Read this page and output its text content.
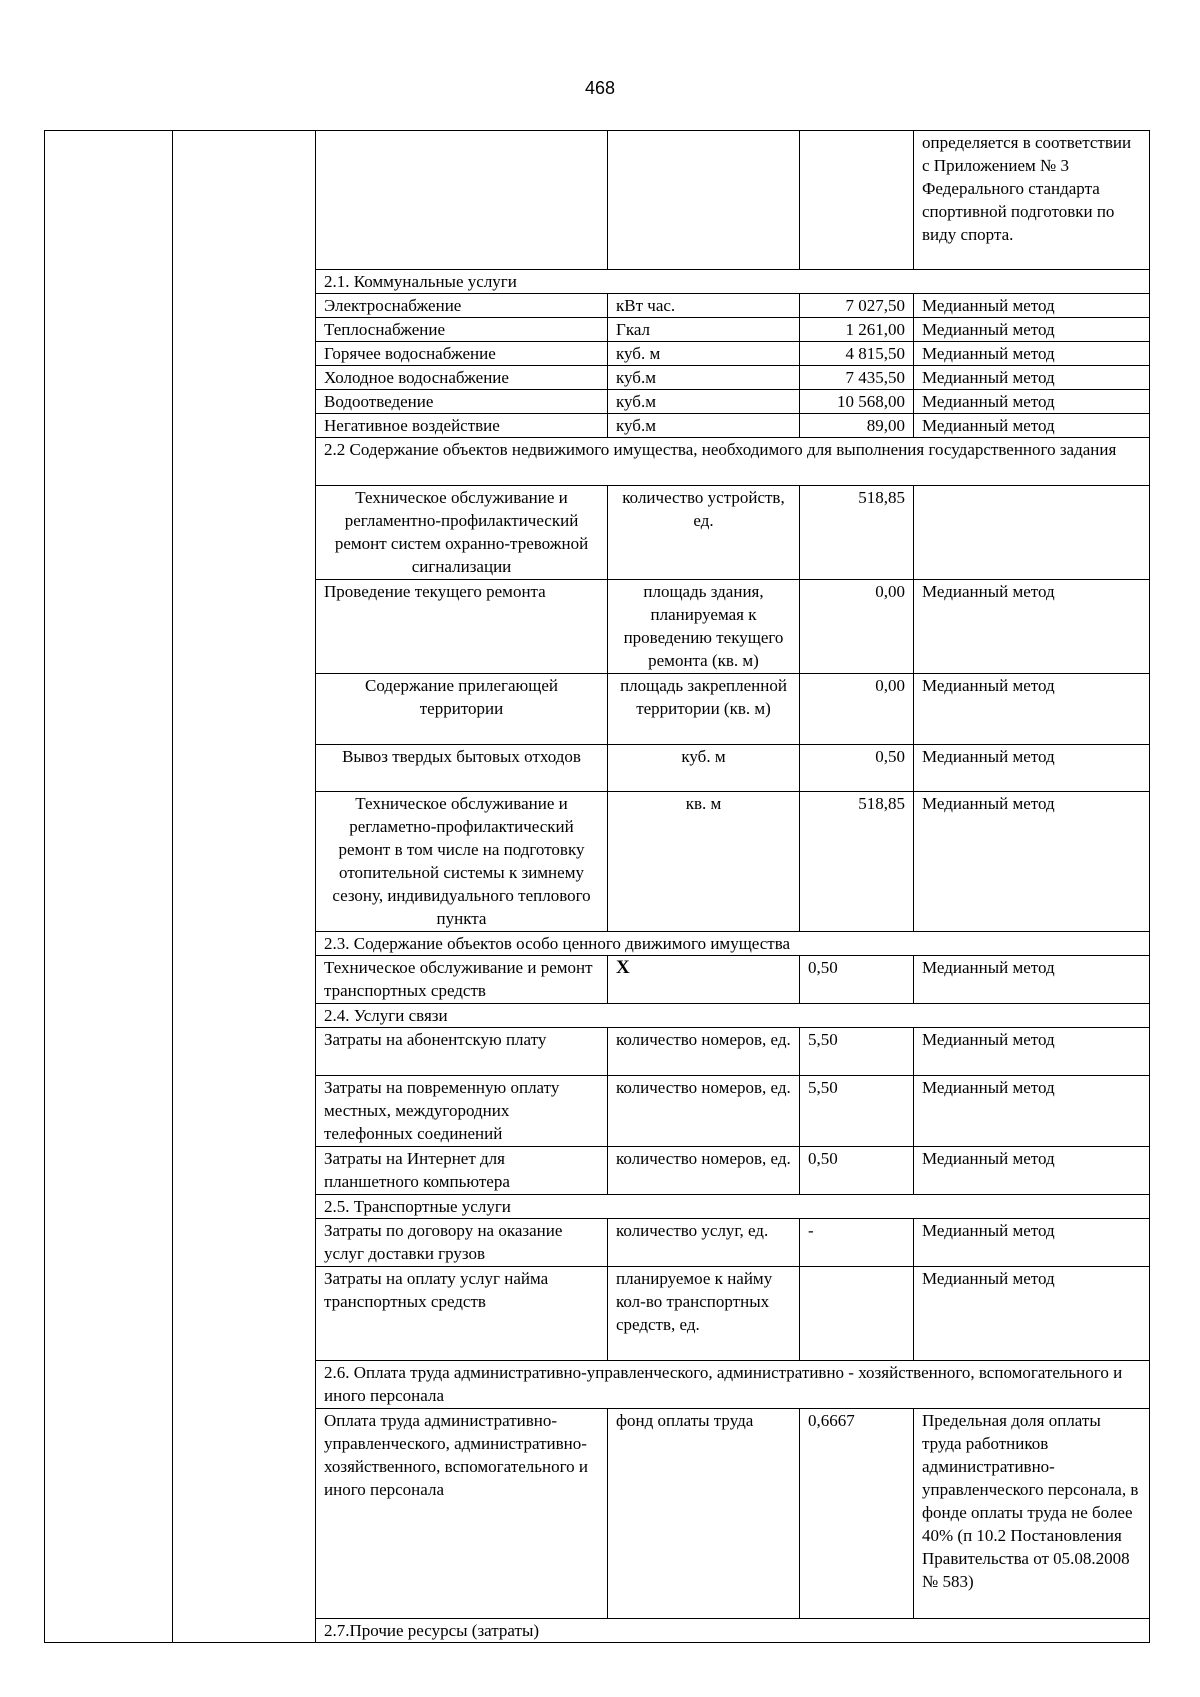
468
					определяется в соответствии с Приложением № 3 Федерального стандарта спортивной подготовки по виду спорта.
		2.1. Коммунальные услуги			
		Электроснабжение	кВт час.	7 027,50	Медианный метод
		Теплоснабжение	Гкал	1 261,00	Медианный метод
		Горячее водоснабжение	куб. м	4 815,50	Медианный метод
		Холодное водоснабжение	куб.м	7 435,50	Медианный метод
		Водоотведение	куб.м	10 568,00	Медианный метод
		Негативное воздействие	куб.м	89,00	Медианный метод
		2.2 Содержание объектов недвижимого имущества, необходимого для выполнения государственного задания			
		Техническое обслуживание и регламентно-профилактический ремонт систем охранно-тревожной сигнализации	количество устройств, ед.	518,85	
		Проведение текущего ремонта	площадь здания, планируемая к проведению текущего ремонта (кв. м)	0,00	Медианный метод
		Содержание прилегающей территории	площадь закрепленной территории (кв. м)	0,00	Медианный метод
		Вывоз твердых бытовых отходов	куб. м	0,50	Медианный метод
		Техническое обслуживание и регламетно-профилактический ремонт в том числе на подготовку отопительной системы к зимнему сезону, индивидуального теплового пункта	кв. м	518,85	Медианный метод
		2.3. Содержание объектов особо ценного движимого имущества			
		Техническое обслуживание и ремонт транспортных средств	X	0,50	Медианный метод
		2.4. Услуги связи			
		Затраты на абонентскую плату	количество номеров, ед.	5,50	Медианный метод
		Затраты на повременную оплату местных, междугородних телефонных соединений	количество номеров, ед.	5,50	Медианный метод
		Затраты на Интернет для планшетного компьютера	количество номеров, ед.	0,50	Медианный метод
		2.5. Транспортные услуги			
		Затраты по договору на оказание услуг доставки грузов	количество услуг, ед.	-	Медианный метод
		Затраты на оплату услуг найма транспортных средств	планируемое к найму кол-во транспортных средств, ед.		Медианный метод
		2.6. Оплата труда административно-управленческого, административно - хозяйственного, вспомогательного и иного персонала			
		Оплата труда административно-управленческого, административно-хозяйственного, вспомогательного и иного персонала	фонд оплаты труда	0,6667	Предельная доля оплаты труда работников административно-управленческого персонала, в фонде оплаты труда не более 40% (п 10.2 Постановления Правительства от 05.08.2008 № 583)
		2.7.Прочие ресурсы (затраты)			
